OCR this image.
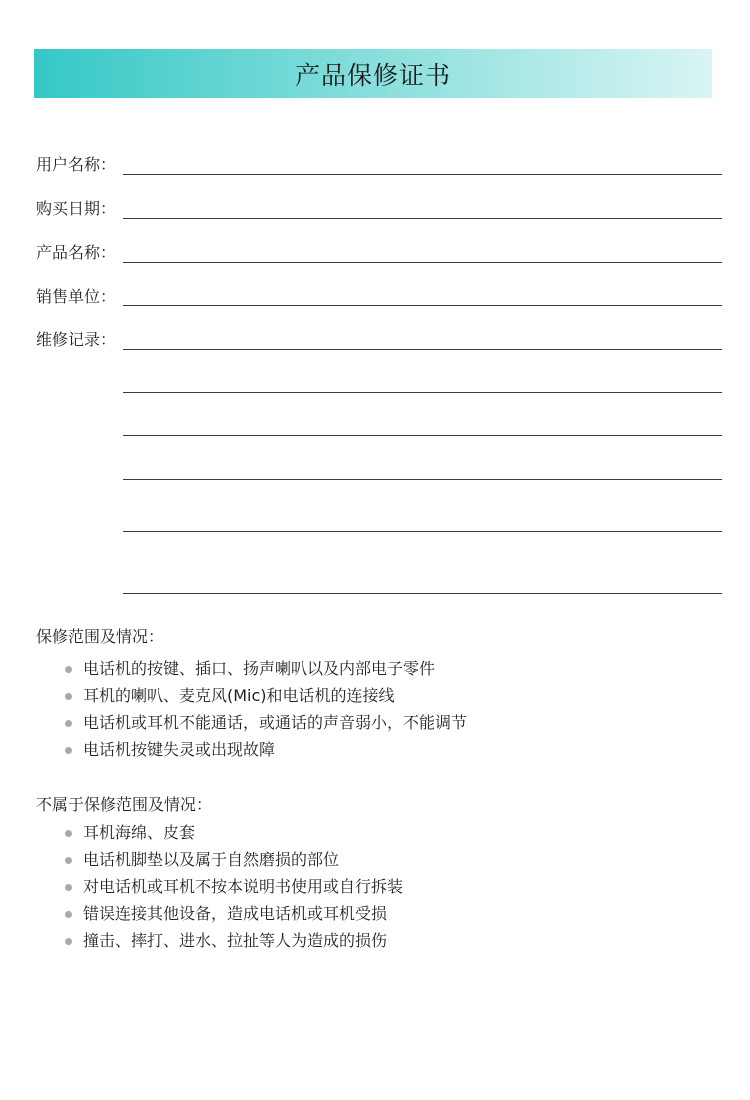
产品保修证书
用户名称：
购买日期：
产品名称：
销售单位：
维修记录：
保修范围及情况：
电话机的按键、插口、扬声喇叭以及内部电子零件
耳机的喇叭、麦克风(Mic)和电话机的连接线
电话机或耳机不能通话，或通话的声音弱小，不能调节
电话机按键失灵或出现故障
不属于保修范围及情况：
耳机海绵、皮套
电话机脚垫以及属于自然磨损的部位
对电话机或耳机不按本说明书使用或自行拆装
错误连接其他设备，造成电话机或耳机受损
撞击、摔打、进水、拉扯等人为造成的损伤
